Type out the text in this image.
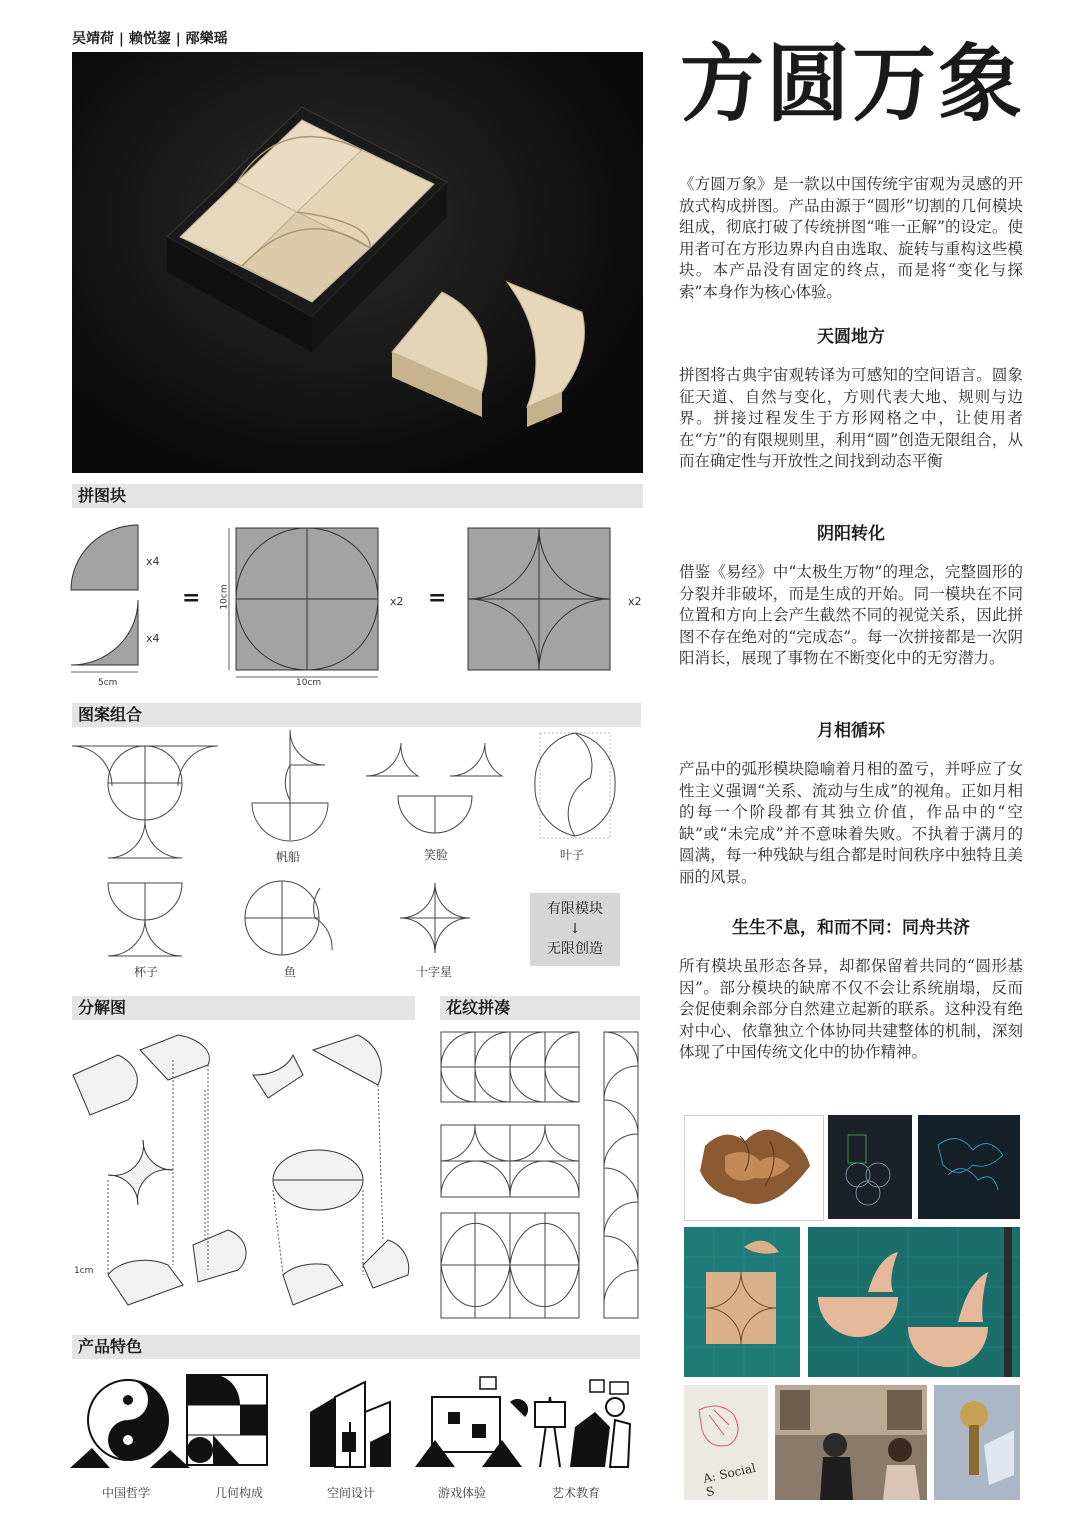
吴靖荷 | 赖悦鋆 | 邴樂瑶	方圆万象
拼图块
x4
x4
x2	x2
=	=
5cm	10cm
10cm
图案组合
帆船	笑脸	叶子
杯子	鱼	十字星
有限模块
↓
无限创造
分解图	花纹拼凑
1cm
产品特色
中国哲学	几何构成	空间设计	游戏体验	艺术教育
《方圆万象》是一款以中国传统宇宙观为灵感的开放式构成拼图。产品由源于“圆形”切割的几何模块组成，彻底打破了传统拼图“唯一正解”的设定。使用者可在方形边界内自由选取、旋转与重构这些模块。本产品没有固定的终点，而是将“变化与探索”本身作为核心体验。
天圆地方
拼图将古典宇宙观转译为可感知的空间语言。圆象征天道、自然与变化，方则代表大地、规则与边界。拼接过程发生于方形网格之中，让使用者在“方”的有限规则里，利用“圆”创造无限组合，从而在确定性与开放性之间找到动态平衡
阴阳转化
借鉴《易经》中“太极生万物”的理念，完整圆形的分裂并非破坏，而是生成的开始。同一模块在不同位置和方向上会产生截然不同的视觉关系，因此拼图不存在绝对的“完成态”。每一次拼接都是一次阴阳消长，展现了事物在不断变化中的无穷潜力。
月相循环
产品中的弧形模块隐喻着月相的盈亏，并呼应了女性主义强调“关系、流动与生成”的视角。正如月相的每一个阶段都有其独立价值，作品中的“空缺”或“未完成”并不意味着失败。不执着于满月的圆满，每一种残缺与组合都是时间秩序中独特且美丽的风景。
生生不息，和而不同：同舟共济
所有模块虽形态各异，却都保留着共同的“圆形基因”。部分模块的缺席不仅不会让系统崩塌，反而会促使剩余部分自然建立起新的联系。这种没有绝对中心、依靠独立个体协同共建整体的机制，深刻体现了中国传统文化中的协作精神。
A: Social S
